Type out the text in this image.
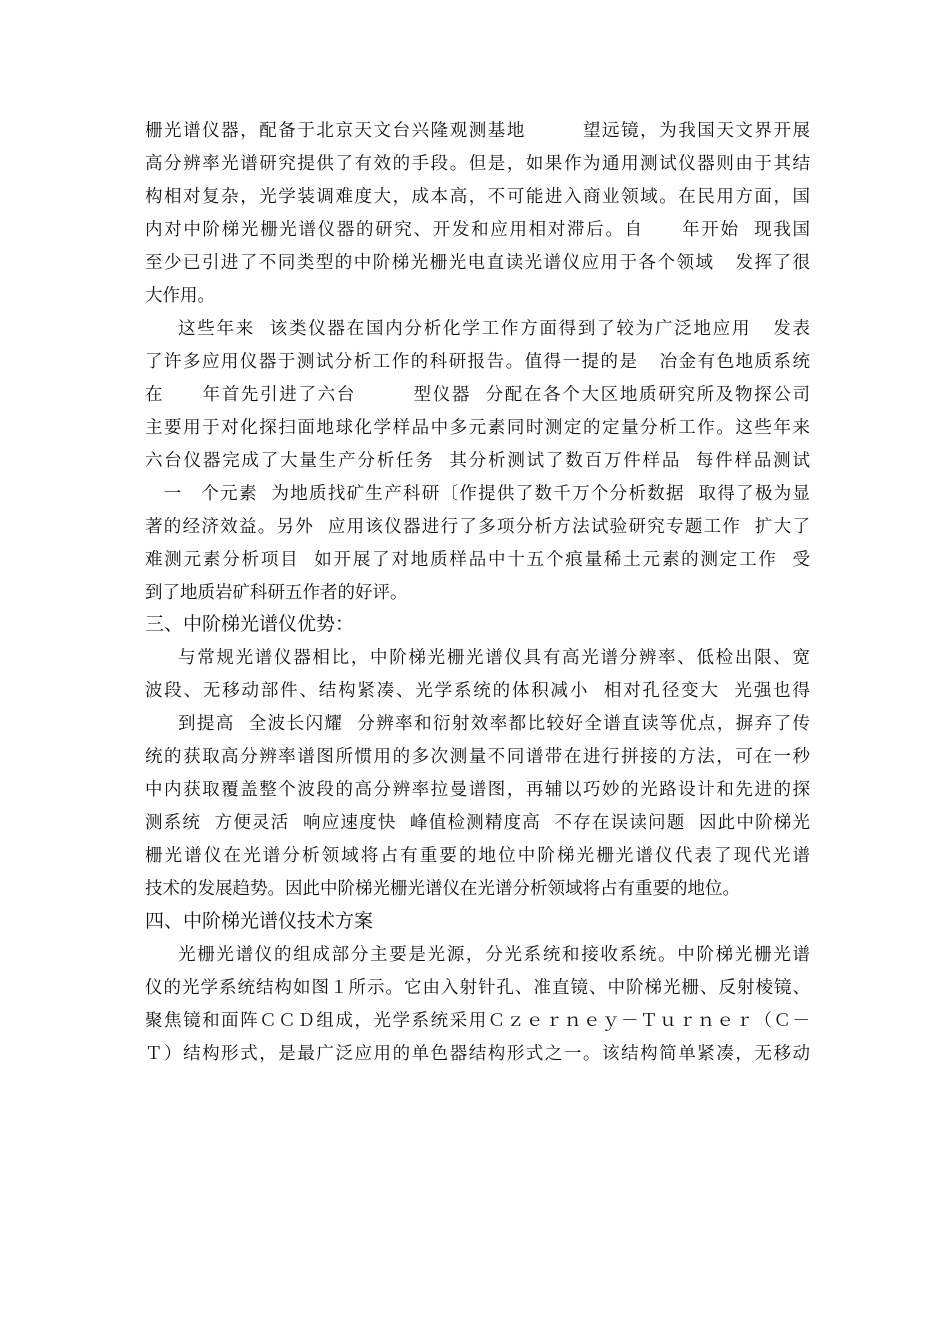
栅光谱仪器，配备于北京天文台兴隆观测基地　　　望远镜，为我国天文界开展
高分辨率光谱研究提供了有效的手段。但是，如果作为通用测试仪器则由于其结
构相对复杂，光学装调难度大，成本高，不可能进入商业领域。在民用方面，国
内对中阶梯光栅光谱仪器的研究、开发和应用相对滞后。自　　年开始  现我国
至少已引进了不同类型的中阶梯光栅光电直读光谱仪应用于各个领域   发挥了很
大作用。
这些年来  该类仪器在国内分析化学工作方面得到了较为广泛地应用   发表
了许多应用仪器于测试分析工作的科研报告。值得一提的是   冶金有色地质系统
在　　年首先引进了六台　　　型仪器  分配在各个大区地质研究所及物探公司
主要用于对化探扫面地球化学样品中多元素同时测定的定量分析工作。这些年来
六台仪器完成了大量生产分析任务  其分析测试了数百万件样品  每件样品测试
　一　个元素  为地质找矿生产科研〔作提供了数千万个分析数据  取得了极为显
著的经济效益。另外  应用该仪器进行了多项分析方法试验研究专题工作  扩大了
难测元素分析项目  如开展了对地质样品中十五个痕量稀土元素的测定工作  受
到了地质岩矿科研五作者的好评。
三、中阶梯光谱仪优势：
与常规光谱仪器相比，中阶梯光栅光谱仪具有高光谱分辨率、低检出限、宽
波段、无移动部件、结构紧凑、光学系统的体积减小  相对孔径变大  光强也得
到提高  全波长闪耀  分辨率和衍射效率都比较好全谱直读等优点，摒弃了传
统的获取高分辨率谱图所惯用的多次测量不同谱带在进行拼接的方法，可在一秒
中内获取覆盖整个波段的高分辨率拉曼谱图，再辅以巧妙的光路设计和先进的探
测系统  方便灵活  响应速度快  峰值检测精度高  不存在误读问题  因此中阶梯光
栅光谱仪在光谱分析领域将占有重要的地位中阶梯光栅光谱仪代表了现代光谱
技术的发展趋势。因此中阶梯光栅光谱仪在光谱分析领域将占有重要的地位。
四、中阶梯光谱仪技术方案
光栅光谱仪的组成部分主要是光源，分光系统和接收系统。中阶梯光栅光谱
仪的光学系统结构如图１所示。它由入射针孔、准直镜、中阶梯光栅、反射棱镜、
聚焦镜和面阵ＣＣＤ组成，光学系统采用Ｃｚｅｒｎｅｙ－Ｔｕｒｎｅｒ（Ｃ－
Ｔ）结构形式，是最广泛应用的单色器结构形式之一。该结构简单紧凑，无移动
